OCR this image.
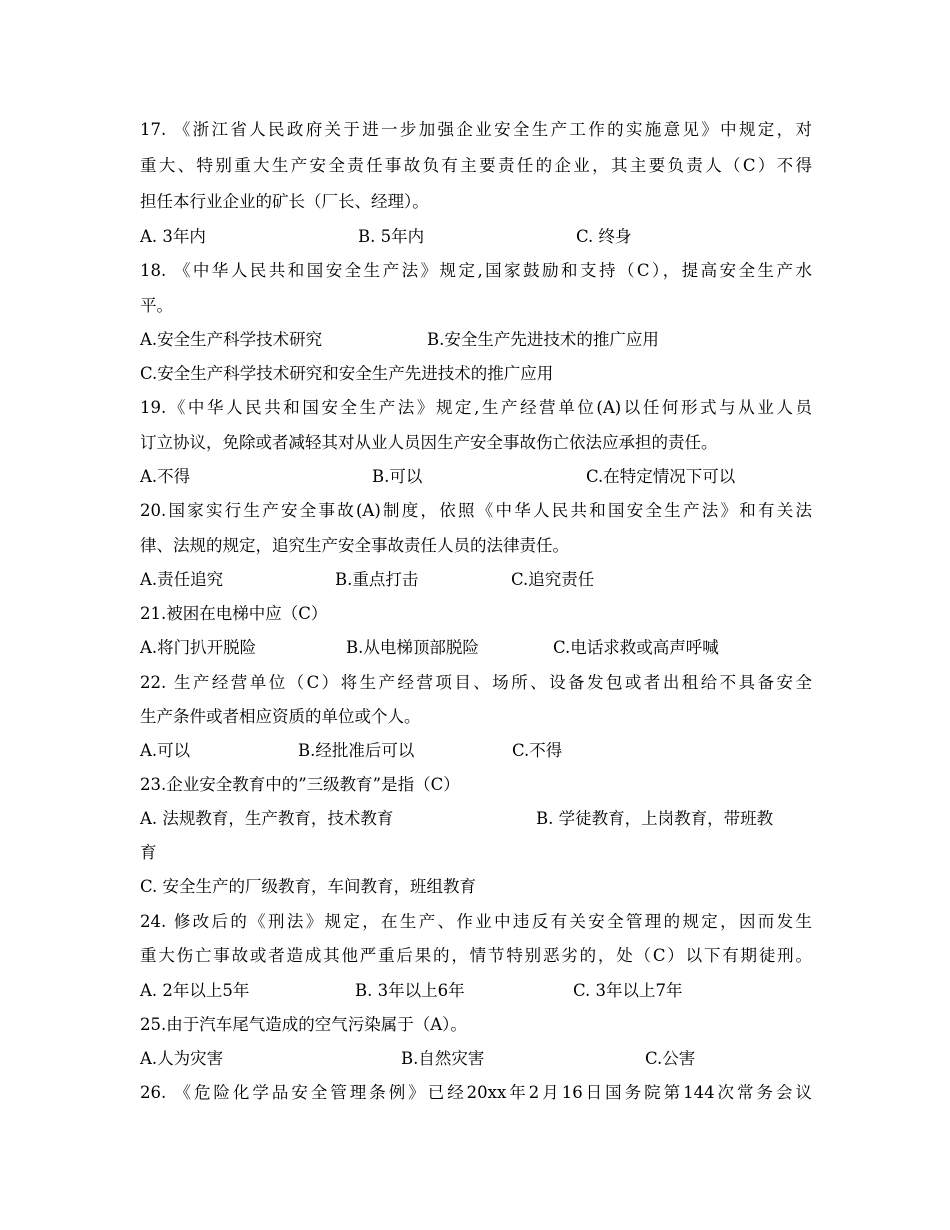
17. 《浙江省人民政府关于进一步加强企业安全生产工作的实施意见》中规定，对
重大、特别重大生产安全责任事故负有主要责任的企业，其主要负责人（C）不得
担任本行业企业的矿长（厂长、经理）。
A. 3年内	B. 5年内	C. 终身
18. 《中华人民共和国安全生产法》规定,国家鼓励和支持（C），提高安全生产水
平。
A.安全生产科学技术研究	B.安全生产先进技术的推广应用
C.安全生产科学技术研究和安全生产先进技术的推广应用
19.《中华人民共和国安全生产法》规定,生产经营单位(A)以任何形式与从业人员
订立协议，免除或者减轻其对从业人员因生产安全事故伤亡依法应承担的责任。
A.不得	B.可以	C.在特定情况下可以
20.国家实行生产安全事故(A)制度，依照《中华人民共和国安全生产法》和有关法
律、法规的规定，追究生产安全事故责任人员的法律责任。
A.责任追究	B.重点打击	C.追究责任
21.被困在电梯中应（C）
A.将门扒开脱险	B.从电梯顶部脱险	C.电话求救或高声呼喊
22. 生产经营单位（C）将生产经营项目、场所、设备发包或者出租给不具备安全
生产条件或者相应资质的单位或个人。
A.可以	B.经批准后可以	C.不得
23.企业安全教育中的”三级教育”是指（C）
A. 法规教育，生产教育，技术教育	B. 学徒教育，上岗教育，带班教
育
C. 安全生产的厂级教育，车间教育，班组教育
24. 修改后的《刑法》规定，在生产、作业中违反有关安全管理的规定，因而发生
重大伤亡事故或者造成其他严重后果的，情节特别恶劣的，处（C）以下有期徒刑。
A. 2年以上5年	B. 3年以上6年	C. 3年以上7年
25.由于汽车尾气造成的空气污染属于（A）。
A.人为灾害	B.自然灾害	C.公害
26. 《危险化学品安全管理条例》已经20xx年2月16日国务院第144次常务会议
